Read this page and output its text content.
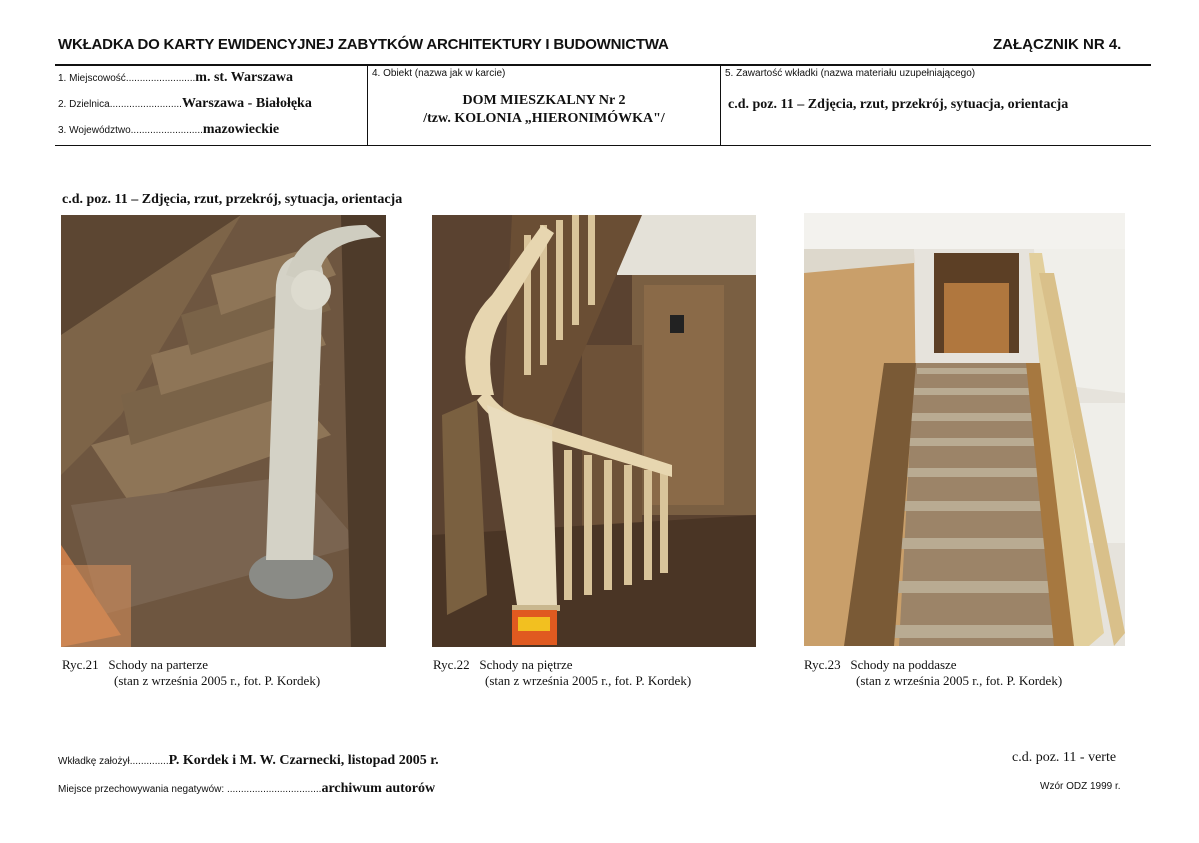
WKŁADKA DO KARTY EWIDENCYJNEJ ZABYTKÓW ARCHITEKTURY I BUDOWNICTWA	ZAŁĄCZNIK NR 4.
1. Miejscowość.........................m. st. Warszawa
2. Dzielnica..........................Warszawa - Białołęka
3. Województwo..........................mazowieckie
4. Obiekt (nazwa jak w karcie)
DOM MIESZKALNY Nr 2
/tzw. KOLONIA „HIERONIMÓWKA"/
5. Zawartość wkładki (nazwa materiału uzupełniającego)
c.d. poz. 11 – Zdjęcia, rzut, przekrój, sytuacja, orientacja
c.d. poz. 11 – Zdjęcia, rzut, przekrój, sytuacja, orientacja
Ryc.21 Schody na parterze
(stan z września 2005 r., fot. P. Kordek)
Ryc.22 Schody na piętrze
(stan z września 2005 r., fot. P. Kordek)
Ryc.23 Schody na poddasze
(stan z września 2005 r., fot. P. Kordek)
Wkładkę założył..............P. Kordek i M. W. Czarnecki, listopad 2005 r.
Miejsce przechowywania negatywów: ..................................archiwum autorów
c.d. poz. 11 - verte
Wzór ODZ 1999 r.
